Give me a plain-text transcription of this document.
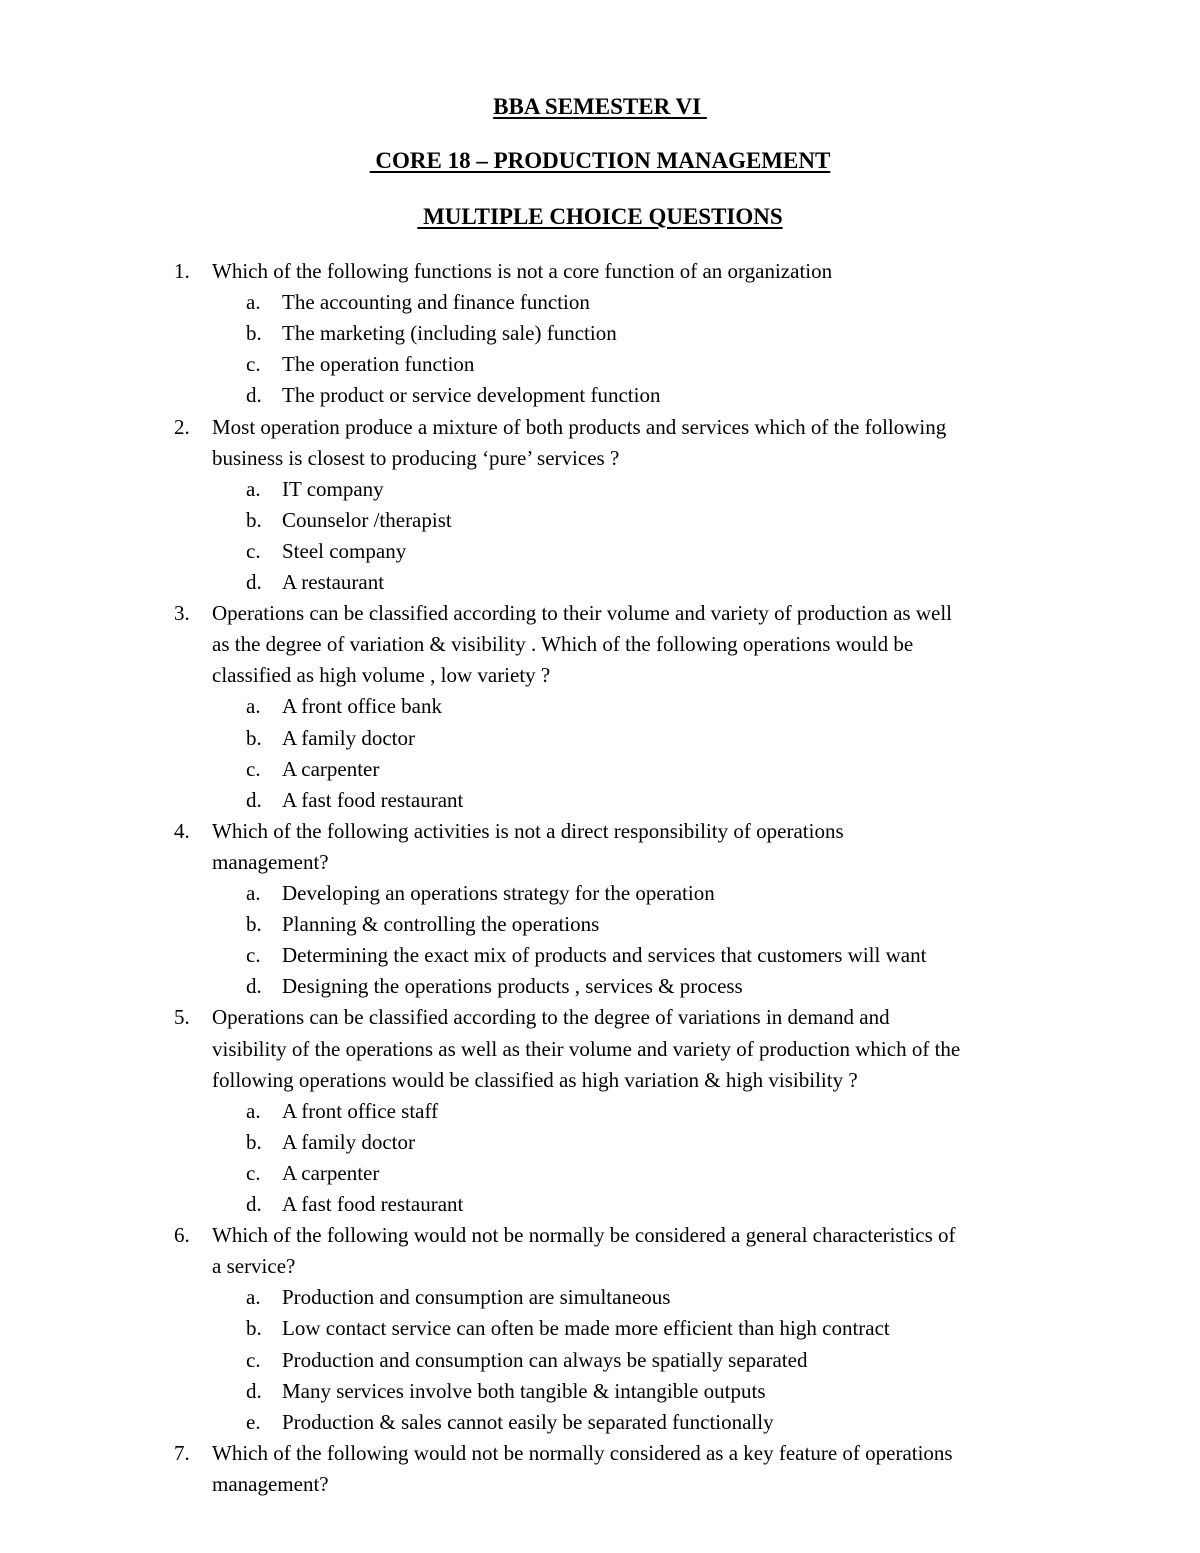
BBA SEMESTER VI
CORE 18 – PRODUCTION MANAGEMENT
MULTIPLE CHOICE QUESTIONS
1.	Which of the following functions is not a core function of an organization
a. The accounting and finance function
b. The marketing (including sale) function
c. The operation function
d. The product or service development function
2.	Most operation produce a mixture of both products and services which of the following
business is closest to producing ‘pure’ services ?
a. IT company
b. Counselor /therapist
c. Steel company
d. A restaurant
3.	Operations can be classified according to their volume and variety of production as well
as the degree of variation & visibility . Which of the following operations would be
classified as high volume , low variety ?
a. A front office bank
b. A family doctor
c. A carpenter
d. A fast food restaurant
4.	Which of the following activities is not a direct responsibility of operations
management?
a. Developing an operations strategy for the operation
b. Planning & controlling the operations
c. Determining the exact mix of products and services that customers will want
d. Designing the operations products , services & process
5.	Operations can be classified according to the degree of variations in demand and
visibility of the operations as well as their volume and variety of production which of the
following operations would be classified as high variation & high visibility ?
a. A front office staff
b. A family doctor
c. A carpenter
d. A fast food restaurant
6.	Which of the following would not be normally be considered a general characteristics of
a service?
a. Production and consumption are simultaneous
b. Low contact service can often be made more efficient than high contract
c. Production and consumption can always be spatially separated
d. Many services involve both tangible & intangible outputs
e. Production & sales cannot easily be separated functionally
7.	Which of the following would not be normally considered as a key feature of operations
management?
